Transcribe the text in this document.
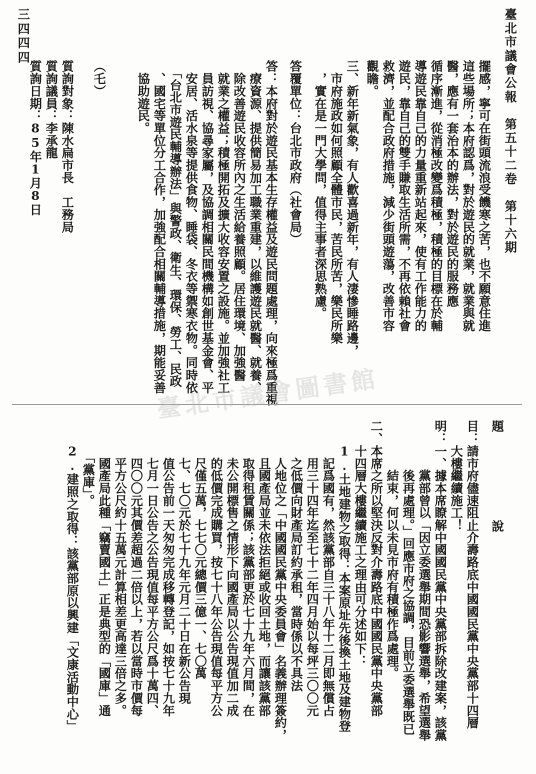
臺北市議會公報　第五十二卷　第十六期
三四四四
擺感，寧可在街頭流浪受饑寒之苦，也不願意住進
這些場所；本府認爲，對於遊民的就業，就業與就
醫，應有一套治本的辦法，對於遊民的服務應
循序漸進，從消極改變爲積極，積極的目標在於輔
導遊民靠自己的力量重新站起來，使有工作能力的
遊民，靠自己的雙手賺取生活所需，不再依賴社會
救濟，並配合政府措施，減少街頭遊蕩，改善市容
觀瞻。
三、新年新氣象，有人歡喜過新年，有人淒慘睡路邊，
　市府施政如何照顧全體市民，苦民所苦，樂民所樂
　，實在是一門大學問，值得主事者深思熟慮。
答覆單位：台北市政府（社會局）
答：本府對於遊民基本生存權益及遊民問題處理，向來極爲重視
　療資源、提供簡易加工職業重建，以維護遊民就醫、就養、
　除改善遊民收容所內之生活給養照顧。居住環境、加強醫
　就業之權益；積極開拓及擴大收容安置之設施。並加強社工
　員訪視、協尋家屬，及協調相關民間機構如創世基金會、平
　安居、活水泉等提供食物、睡袋、冬衣等禦寒衣物。同時依
　「台北市遊民輔導辦法」與警政、衛生、環保、勞工、民政
　、國宅等單位分工合作，加強配合相關輔導措施，期能妥善
　協助遊民。
（乇）
質詢對象：陳水扁市長　工務局
質詢議員：李承龍
質詢日期：85年1月8日
臺北市議會圖書館
題
說
目：請市府儘速阻止介壽路底中國國民黨中央黨部十四層
　　大樓繼續施工！
明：一、據本席瞭解中國國民黨中央黨部拆除改建案，該黨
　　　　黨部曾以「因立委選舉期間恐影響選舉，希望選舉
　　　　後再處理。」回應市府之協調，目前立委選舉既已
　　　　結束，何以未見市府有積極作爲處理。
二、本席之所以堅決反對介壽路底中國國民黨中央黨部
　　十四層大樓繼續施工之理由可分述如下：
　　1.土地建物之取得：本案原址先後換土地及建物登
　　　記爲國有，然該黨部自三十八年十二月即無償占
　　　用三十四年迄至七十二年四月始以每坪三〇〇元
　　　之低價向財產局訂約承租，當時係以不具法
　　　人地位之「中國國民黨中央委員會」名義辦理簽約，
　　　且國產局並未依法拒絕或收回土地，而讓該黨部
　　　取得租賃關係；該黨部更於七十九年六月間，在
　　　未公開標售之情形下向國產局以公告現值加二成
　　　的低價完成購買，按七十八年公告現值每平方公
　　　尺僅五萬，七七〇元總價三億一、七〇萬
　　　七、七〇元於七十九年元月二十日在新公告現
　　　值公告前一天匆匆完成移轉登記，如按七十九年
　　　七月一日公告之公告現值每平方公尺爲十萬四、
　　　四〇〇元其價差超過二倍以上，若以當時市價每
　　　平方公尺約十五萬元計算相差更高達三倍之多。
　　　國產局此種「竊賣國土」正是典型的「國庫」通
　　　「黨庫」。
　　2.建照之取得：該黨部原以興建「文康活動中心」
